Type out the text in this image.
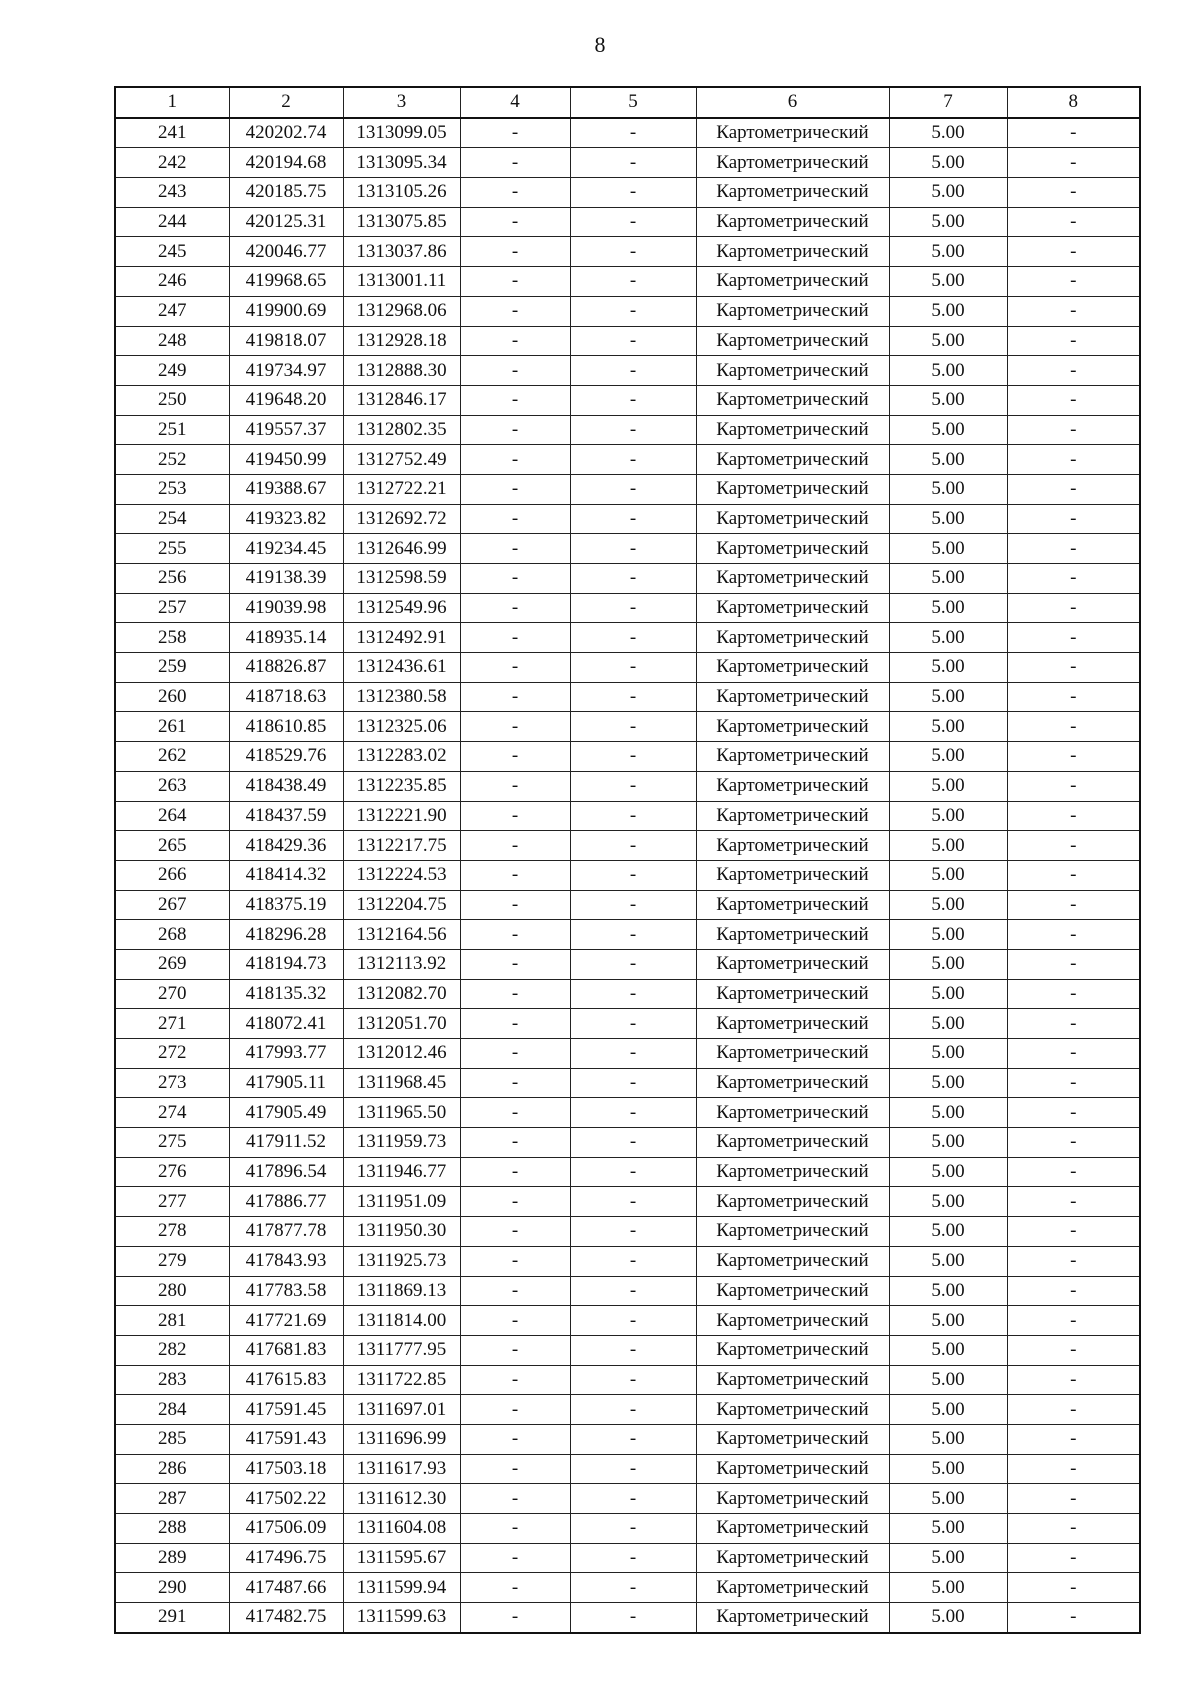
8
1	2	3	4	5	6	7	8
241	420202.74	1313099.05	-	-	Картометрический	5.00	-
242	420194.68	1313095.34	-	-	Картометрический	5.00	-
243	420185.75	1313105.26	-	-	Картометрический	5.00	-
244	420125.31	1313075.85	-	-	Картометрический	5.00	-
245	420046.77	1313037.86	-	-	Картометрический	5.00	-
246	419968.65	1313001.11	-	-	Картометрический	5.00	-
247	419900.69	1312968.06	-	-	Картометрический	5.00	-
248	419818.07	1312928.18	-	-	Картометрический	5.00	-
249	419734.97	1312888.30	-	-	Картометрический	5.00	-
250	419648.20	1312846.17	-	-	Картометрический	5.00	-
251	419557.37	1312802.35	-	-	Картометрический	5.00	-
252	419450.99	1312752.49	-	-	Картометрический	5.00	-
253	419388.67	1312722.21	-	-	Картометрический	5.00	-
254	419323.82	1312692.72	-	-	Картометрический	5.00	-
255	419234.45	1312646.99	-	-	Картометрический	5.00	-
256	419138.39	1312598.59	-	-	Картометрический	5.00	-
257	419039.98	1312549.96	-	-	Картометрический	5.00	-
258	418935.14	1312492.91	-	-	Картометрический	5.00	-
259	418826.87	1312436.61	-	-	Картометрический	5.00	-
260	418718.63	1312380.58	-	-	Картометрический	5.00	-
261	418610.85	1312325.06	-	-	Картометрический	5.00	-
262	418529.76	1312283.02	-	-	Картометрический	5.00	-
263	418438.49	1312235.85	-	-	Картометрический	5.00	-
264	418437.59	1312221.90	-	-	Картометрический	5.00	-
265	418429.36	1312217.75	-	-	Картометрический	5.00	-
266	418414.32	1312224.53	-	-	Картометрический	5.00	-
267	418375.19	1312204.75	-	-	Картометрический	5.00	-
268	418296.28	1312164.56	-	-	Картометрический	5.00	-
269	418194.73	1312113.92	-	-	Картометрический	5.00	-
270	418135.32	1312082.70	-	-	Картометрический	5.00	-
271	418072.41	1312051.70	-	-	Картометрический	5.00	-
272	417993.77	1312012.46	-	-	Картометрический	5.00	-
273	417905.11	1311968.45	-	-	Картометрический	5.00	-
274	417905.49	1311965.50	-	-	Картометрический	5.00	-
275	417911.52	1311959.73	-	-	Картометрический	5.00	-
276	417896.54	1311946.77	-	-	Картометрический	5.00	-
277	417886.77	1311951.09	-	-	Картометрический	5.00	-
278	417877.78	1311950.30	-	-	Картометрический	5.00	-
279	417843.93	1311925.73	-	-	Картометрический	5.00	-
280	417783.58	1311869.13	-	-	Картометрический	5.00	-
281	417721.69	1311814.00	-	-	Картометрический	5.00	-
282	417681.83	1311777.95	-	-	Картометрический	5.00	-
283	417615.83	1311722.85	-	-	Картометрический	5.00	-
284	417591.45	1311697.01	-	-	Картометрический	5.00	-
285	417591.43	1311696.99	-	-	Картометрический	5.00	-
286	417503.18	1311617.93	-	-	Картометрический	5.00	-
287	417502.22	1311612.30	-	-	Картометрический	5.00	-
288	417506.09	1311604.08	-	-	Картометрический	5.00	-
289	417496.75	1311595.67	-	-	Картометрический	5.00	-
290	417487.66	1311599.94	-	-	Картометрический	5.00	-
291	417482.75	1311599.63	-	-	Картометрический	5.00	-
